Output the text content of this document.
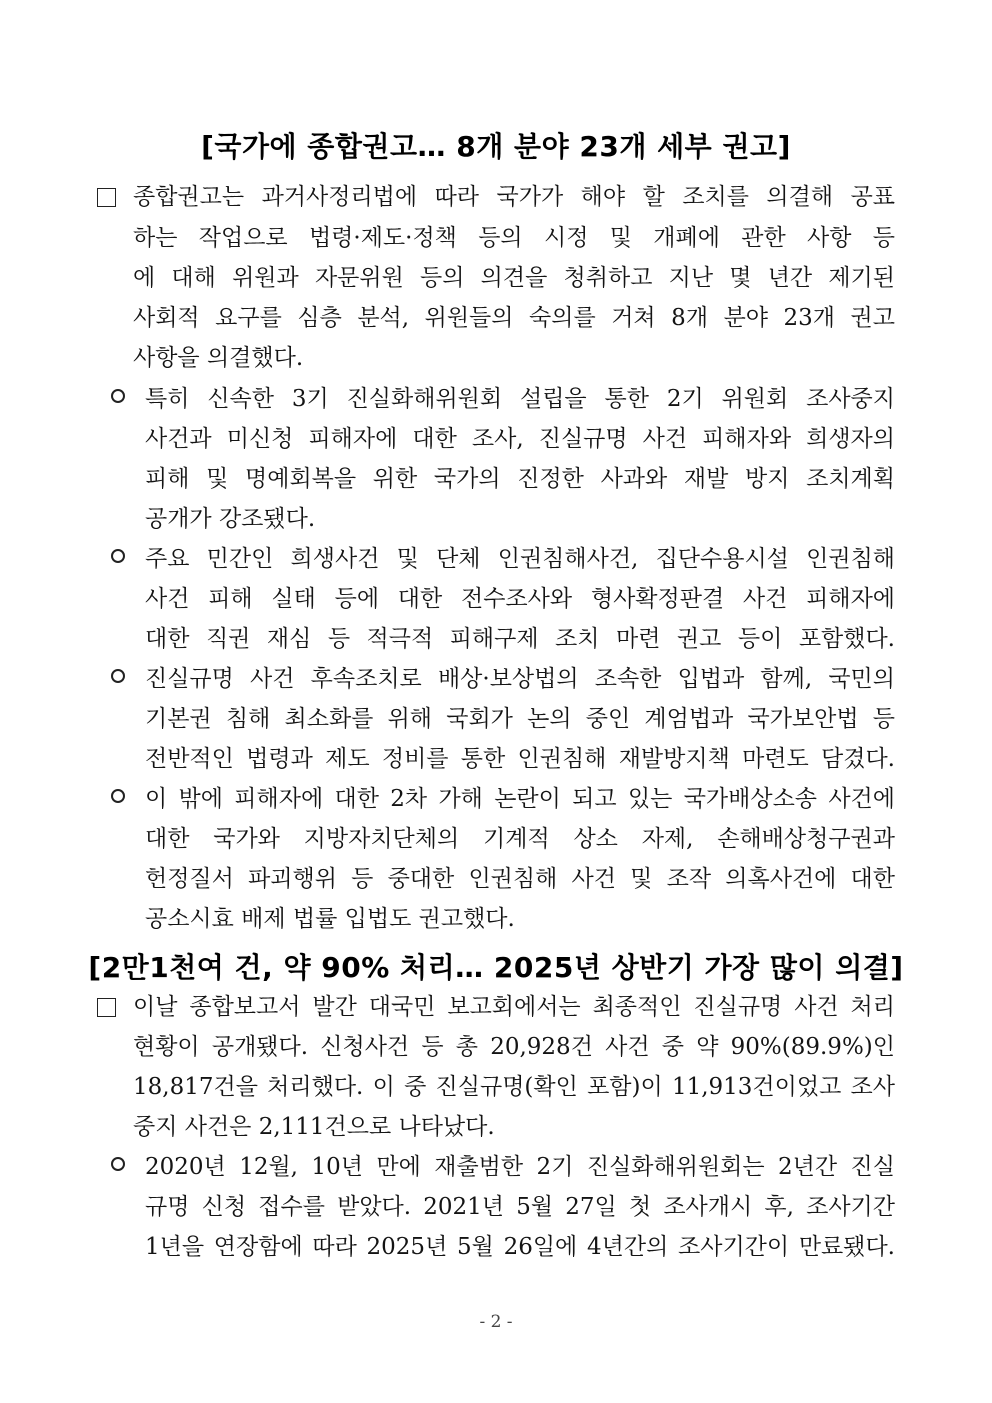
[국가에 종합권고… 8개 분야 23개 세부 권고]
종합권고는 과거사정리법에 따라 국가가 해야 할 조치를 의결해 공표
하는 작업으로 법령·제도·정책 등의 시정 및 개폐에 관한 사항 등
에 대해 위원과 자문위원 등의 의견을 청취하고 지난 몇 년간 제기된
사회적 요구를 심층 분석, 위원들의 숙의를 거쳐 8개 분야 23개 권고
사항을 의결했다.
특히 신속한 3기 진실화해위원회 설립을 통한 2기 위원회 조사중지
사건과 미신청 피해자에 대한 조사, 진실규명 사건 피해자와 희생자의
피해 및 명예회복을 위한 국가의 진정한 사과와 재발 방지 조치계획
공개가 강조됐다.
주요 민간인 희생사건 및 단체 인권침해사건, 집단수용시설 인권침해
사건 피해 실태 등에 대한 전수조사와 형사확정판결 사건 피해자에
대한 직권 재심 등 적극적 피해구제 조치 마련 권고 등이 포함했다.
진실규명 사건 후속조치로 배상·보상법의 조속한 입법과 함께, 국민의
기본권 침해 최소화를 위해 국회가 논의 중인 계엄법과 국가보안법 등
전반적인 법령과 제도 정비를 통한 인권침해 재발방지책 마련도 담겼다.
이 밖에 피해자에 대한 2차 가해 논란이 되고 있는 국가배상소송 사건에
대한 국가와 지방자치단체의 기계적 상소 자제, 손해배상청구권과
헌정질서 파괴행위 등 중대한 인권침해 사건 및 조작 의혹사건에 대한
공소시효 배제 법률 입법도 권고했다.
[2만1천여 건, 약 90% 처리… 2025년 상반기 가장 많이 의결]
이날 종합보고서 발간 대국민 보고회에서는 최종적인 진실규명 사건 처리
현황이 공개됐다. 신청사건 등 총 20,928건 사건 중 약 90%(89.9%)인
18,817건을 처리했다. 이 중 진실규명(확인 포함)이 11,913건이었고 조사
중지 사건은 2,111건으로 나타났다.
2020년 12월, 10년 만에 재출범한 2기 진실화해위원회는 2년간 진실
규명 신청 접수를 받았다. 2021년 5월 27일 첫 조사개시 후, 조사기간
1년을 연장함에 따라 2025년 5월 26일에 4년간의 조사기간이 만료됐다.
- 2 -
